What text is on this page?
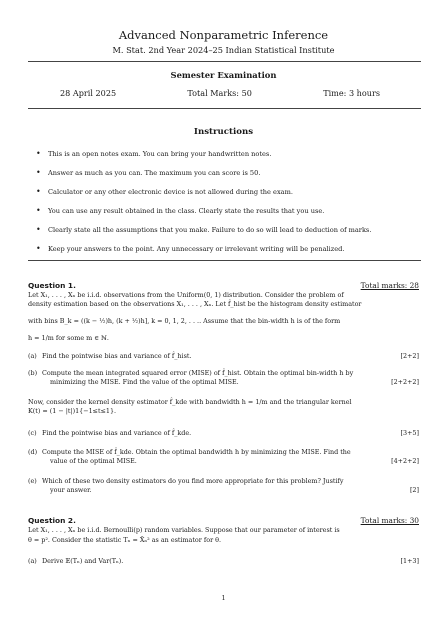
Advanced Nonparametric Inference
M. Stat. 2nd Year 2024–25 Indian Statistical Institute
Semester Examination
28 April 2025	Total Marks: 50	Time: 3 hours
Instructions
• This is an open notes exam. You can bring your handwritten notes.
• Answer as much as you can. The maximum you can score is 50.
• Calculator or any other electronic device is not allowed during the exam.
• You can use any result obtained in the class. Clearly state the results that you use.
• Clearly state all the assumptions that you make. Failure to do so will lead to deduction of marks.
• Keep your answers to the point. Any unnecessary or irrelevant writing will be penalized.
Question 1.	Total marks: 28
Let X₁, . . . , Xₙ be i.i.d. observations from the Uniform(0, 1) distribution. Consider the problem of
density estimation based on the observations X₁, . . . , Xₙ. Let f̂_hist be the histogram density estimator
with bins B_k = ((k − ½)h, (k + ½)h], k = 0, 1, 2, . . .. Assume that the bin-width h is of the form
h = 1/m for some m ∈ ℕ.
(a) Find the pointwise bias and variance of f̂_hist.	[2+2]
(b) Compute the mean integrated squared error (MISE) of f̂_hist. Obtain the optimal bin-width h by
minimizing the MISE. Find the value of the optimal MISE.	[2+2+2]
Now, consider the kernel density estimator f̂_kde with bandwidth h = 1/m and the triangular kernel
K(t) = (1 − |t|)1{−1≤t≤1}.
(c) Find the pointwise bias and variance of f̂_kde.	[3+5]
(d) Compute the MISE of f̂_kde. Obtain the optimal bandwidth h by minimizing the MISE. Find the
value of the optimal MISE.	[4+2+2]
(e) Which of these two density estimators do you find more appropriate for this problem? Justify
your answer.	[2]
Question 2.	Total marks: 30
Let X₁, . . . , Xₙ be i.i.d. Bernoulli(p) random variables. Suppose that our parameter of interest is
θ = p². Consider the statistic Tₙ = X̄ₙ² as an estimator for θ.
(a) Derive 𝔼(Tₙ) and Var(Tₙ).	[1+3]
1
